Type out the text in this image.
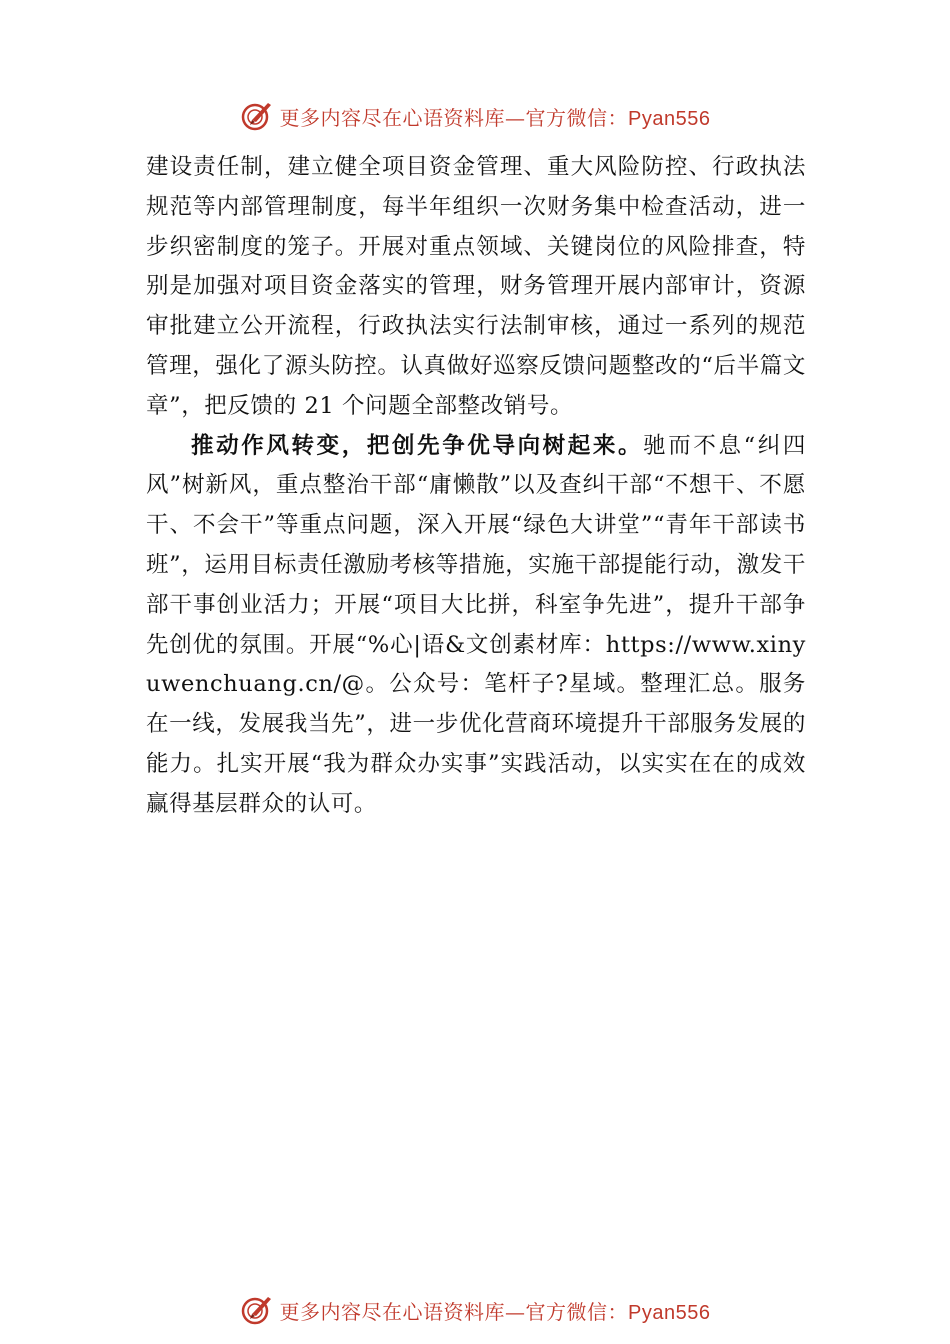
更多内容尽在心语资料库—官方微信：Pyan556

建设责任制，建立健全项目资金管理、重大风险防控、行政执法规范等内部管理制度，每半年组织一次财务集中检查活动，进一步织密制度的笼子。开展对重点领域、关键岗位的风险排查，特别是加强对项目资金落实的管理，财务管理开展内部审计，资源审批建立公开流程，行政执法实行法制审核，通过一系列的规范管理，强化了源头防控。认真做好巡察反馈问题整改的“后半篇文章”，把反馈的 21 个问题全部整改销号。

推动作风转变，把创先争优导向树起来。驰而不息“纠四风”树新风，重点整治干部“庸懒散”以及查纠干部“不想干、不愿干、不会干”等重点问题，深入开展“绿色大讲堂”“青年干部读书班”，运用目标责任激励考核等措施，实施干部提能行动，激发干部干事创业活力；开展“项目大比拼，科室争先进”，提升干部争先创优的氛围。开展“%心|语&文创素材库：https://www.xinyuwenchuang.cn/@。公众号：笔杆子?星域。整理汇总。服务在一线，发展我当先”，进一步优化营商环境提升干部服务发展的能力。扎实开展“我为群众办实事”实践活动，以实实在在的成效赢得基层群众的认可。

更多内容尽在心语资料库—官方微信：Pyan556
